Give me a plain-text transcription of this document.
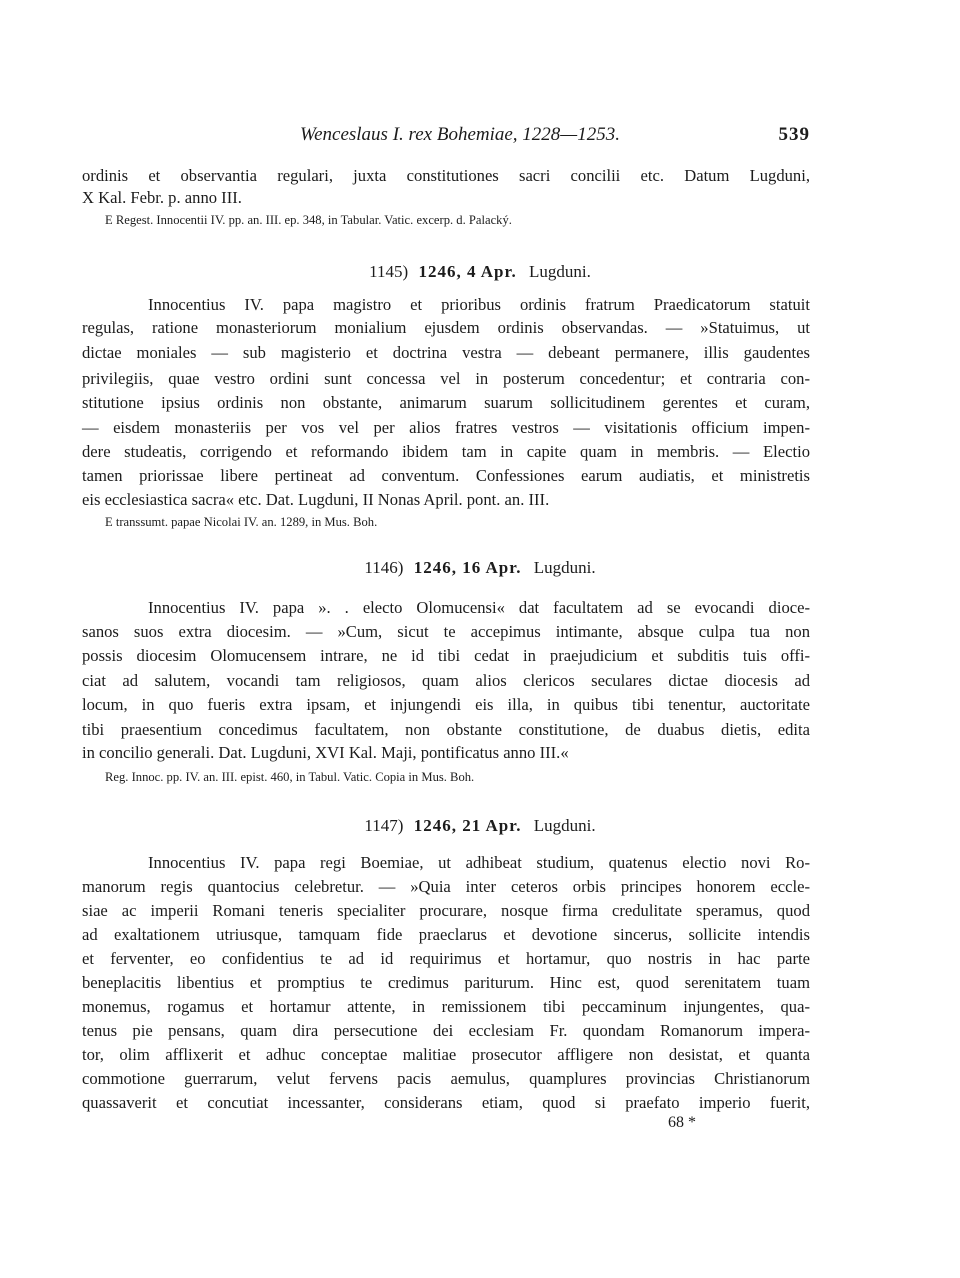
Wenceslaus I. rex Bohemiae, 1228—1253.	539
ordinis et observantia regulari, juxta constitutiones sacri concilii etc. Datum Lugduni,
X Kal. Febr. p. anno III.
E Regest. Innocentii IV. pp. an. III. ep. 348, in Tabular. Vatic. excerp. d. Palacký.
1145) 1246, 4 Apr. Lugduni.
Innocentius IV. papa magistro et prioribus ordinis fratrum Praedicatorum statuit
regulas, ratione monasteriorum monialium ejusdem ordinis observandas. — »Statuimus, ut
dictae moniales — sub magisterio et doctrina vestra — debeant permanere, illis gaudentes
privilegiis, quae vestro ordini sunt concessa vel in posterum concedentur; et contraria con-
stitutione ipsius ordinis non obstante, animarum suarum sollicitudinem gerentes et curam,
— eisdem monasteriis per vos vel per alios fratres vestros — visitationis officium impen-
dere studeatis, corrigendo et reformando ibidem tam in capite quam in membris. — Electio
tamen priorissae libere pertineat ad conventum. Confessiones earum audiatis, et ministretis
eis ecclesiastica sacra« etc. Dat. Lugduni, II Nonas April. pont. an. III.
E transsumt. papae Nicolai IV. an. 1289, in Mus. Boh.
1146) 1246, 16 Apr. Lugduni.
Innocentius IV. papa ». . electo Olomucensi« dat facultatem ad se evocandi dioce-
sanos suos extra diocesim. — »Cum, sicut te accepimus intimante, absque culpa tua non
possis diocesim Olomucensem intrare, ne id tibi cedat in praejudicium et subditis tuis offi-
ciat ad salutem, vocandi tam religiosos, quam alios clericos seculares dictae diocesis ad
locum, in quo fueris extra ipsam, et injungendi eis illa, in quibus tibi tenentur, auctoritate
tibi praesentium concedimus facultatem, non obstante constitutione, de duabus dietis, edita
in concilio generali. Dat. Lugduni, XVI Kal. Maji, pontificatus anno III.«
Reg. Innoc. pp. IV. an. III. epist. 460, in Tabul. Vatic. Copia in Mus. Boh.
1147) 1246, 21 Apr. Lugduni.
Innocentius IV. papa regi Boemiae, ut adhibeat studium, quatenus electio novi Ro-
manorum regis quantocius celebretur. — »Quia inter ceteros orbis principes honorem eccle-
siae ac imperii Romani teneris specialiter procurare, nosque firma credulitate speramus, quod
ad exaltationem utriusque, tamquam fide praeclarus et devotione sincerus, sollicite intendis
et ferventer, eo confidentius te ad id requirimus et hortamur, quo nostris in hac parte
beneplacitis libentius et promptius te credimus pariturum. Hinc est, quod serenitatem tuam
monemus, rogamus et hortamur attente, in remissionem tibi peccaminum injungentes, qua-
tenus pie pensans, quam dira persecutione dei ecclesiam Fr. quondam Romanorum impera-
tor, olim afflixerit et adhuc conceptae malitiae prosecutor affligere non desistat, et quanta
commotione guerrarum, velut fervens pacis aemulus, quamplures provincias Christianorum
quassaverit et concutiat incessanter, considerans etiam, quod si praefato imperio fuerit,
68 *
